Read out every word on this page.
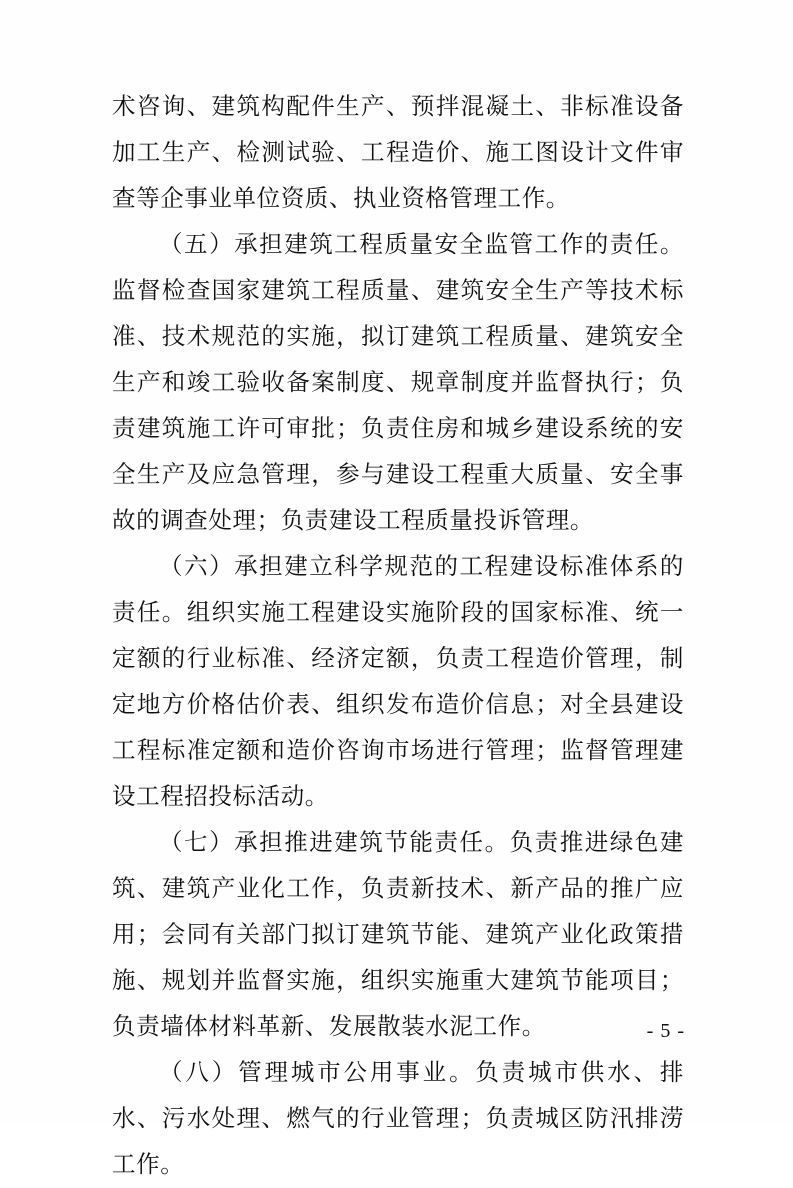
术咨询、建筑构配件生产、预拌混凝土、非标准设备加工生产、检测试验、工程造价、施工图设计文件审查等企事业单位资质、执业资格管理工作。

（五）承担建筑工程质量安全监管工作的责任。监督检查国家建筑工程质量、建筑安全生产等技术标准、技术规范的实施，拟订建筑工程质量、建筑安全生产和竣工验收备案制度、规章制度并监督执行；负责建筑施工许可审批；负责住房和城乡建设系统的安全生产及应急管理，参与建设工程重大质量、安全事故的调查处理；负责建设工程质量投诉管理。

（六）承担建立科学规范的工程建设标准体系的责任。组织实施工程建设实施阶段的国家标准、统一定额的行业标准、经济定额，负责工程造价管理，制定地方价格估价表、组织发布造价信息；对全县建设工程标准定额和造价咨询市场进行管理；监督管理建设工程招投标活动。

（七）承担推进建筑节能责任。负责推进绿色建筑、建筑产业化工作，负责新技术、新产品的推广应用；会同有关部门拟订建筑节能、建筑产业化政策措施、规划并监督实施，组织实施重大建筑节能项目；负责墙体材料革新、发展散装水泥工作。

（八）管理城市公用事业。负责城市供水、排水、污水处理、燃气的行业管理；负责城区防汛排涝工作。

- 5 -
